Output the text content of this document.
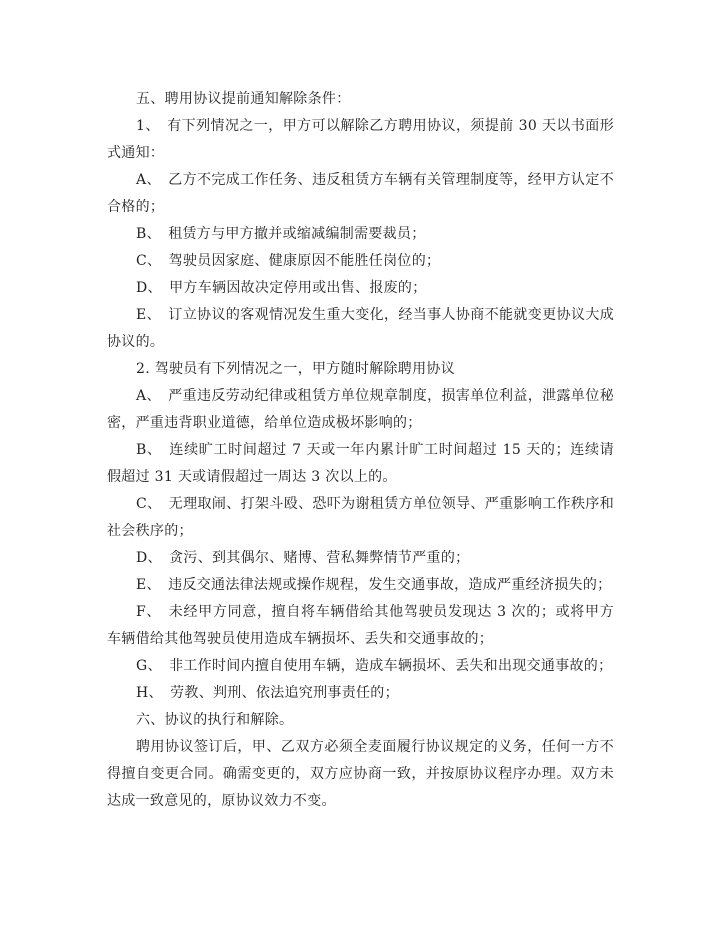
五、聘用协议提前通知解除条件：

1、　有下列情况之一，甲方可以解除乙方聘用协议，须提前 30 天以书面形式通知：

A、　乙方不完成工作任务、违反租赁方车辆有关管理制度等，经甲方认定不合格的；

B、　租赁方与甲方撤并或缩减编制需要裁员；

C、　驾驶员因家庭、健康原因不能胜任岗位的；

D、　甲方车辆因故决定停用或出售、报废的；

E、　订立协议的客观情况发生重大变化，经当事人协商不能就变更协议大成协议的。

2. 驾驶员有下列情况之一，甲方随时解除聘用协议

A、　严重违反劳动纪律或租赁方单位规章制度，损害单位利益，泄露单位秘密，严重违背职业道德，给单位造成极坏影响的；

B、　连续旷工时间超过 7 天或一年内累计旷工时间超过 15 天的；连续请假超过 31 天或请假超过一周达 3 次以上的。

C、　无理取闹、打架斗殴、恐吓为谢租赁方单位领导、严重影响工作秩序和社会秩序的；

D、　贪污、到其偶尔、赌博、营私舞弊情节严重的；

E、　违反交通法律法规或操作规程，发生交通事故，造成严重经济损失的；

F、　未经甲方同意，擅自将车辆借给其他驾驶员发现达 3 次的；或将甲方车辆借给其他驾驶员使用造成车辆损坏、丢失和交通事故的；

G、　非工作时间内擅自使用车辆，造成车辆损坏、丢失和出现交通事故的；

H、　劳教、判刑、依法追究刑事责任的；

六、协议的执行和解除。

聘用协议签订后，甲、乙双方必须全麦面履行协议规定的义务，任何一方不得擅自变更合同。确需变更的，双方应协商一致，并按原协议程序办理。双方未达成一致意见的，原协议效力不变。
